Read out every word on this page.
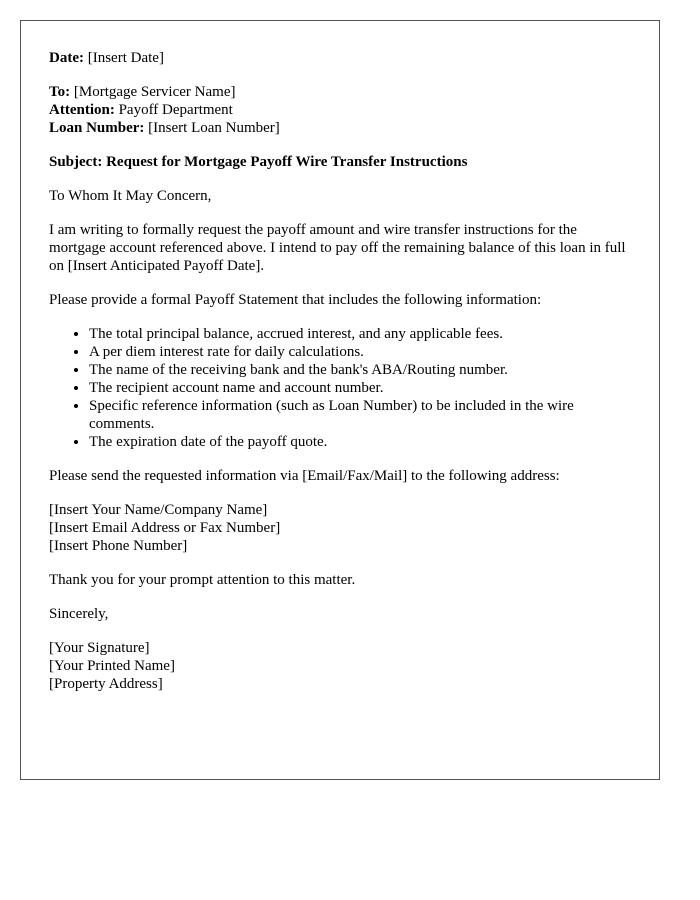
Date: [Insert Date]
To: [Mortgage Servicer Name]
Attention: Payoff Department
Loan Number: [Insert Loan Number]
Subject: Request for Mortgage Payoff Wire Transfer Instructions

To Whom It May Concern,

I am writing to formally request the payoff amount and wire transfer instructions for the mortgage account referenced above. I intend to pay off the remaining balance of this loan in full on [Insert Anticipated Payoff Date].

Please provide a formal Payoff Statement that includes the following information:

• The total principal balance, accrued interest, and any applicable fees.
• A per diem interest rate for daily calculations.
• The name of the receiving bank and the bank's ABA/Routing number.
• The recipient account name and account number.
• Specific reference information (such as Loan Number) to be included in the wire comments.
• The expiration date of the payoff quote.

Please send the requested information via [Email/Fax/Mail] to the following address:

[Insert Your Name/Company Name]
[Insert Email Address or Fax Number]
[Insert Phone Number]

Thank you for your prompt attention to this matter.

Sincerely,

[Your Signature]
[Your Printed Name]
[Property Address]
